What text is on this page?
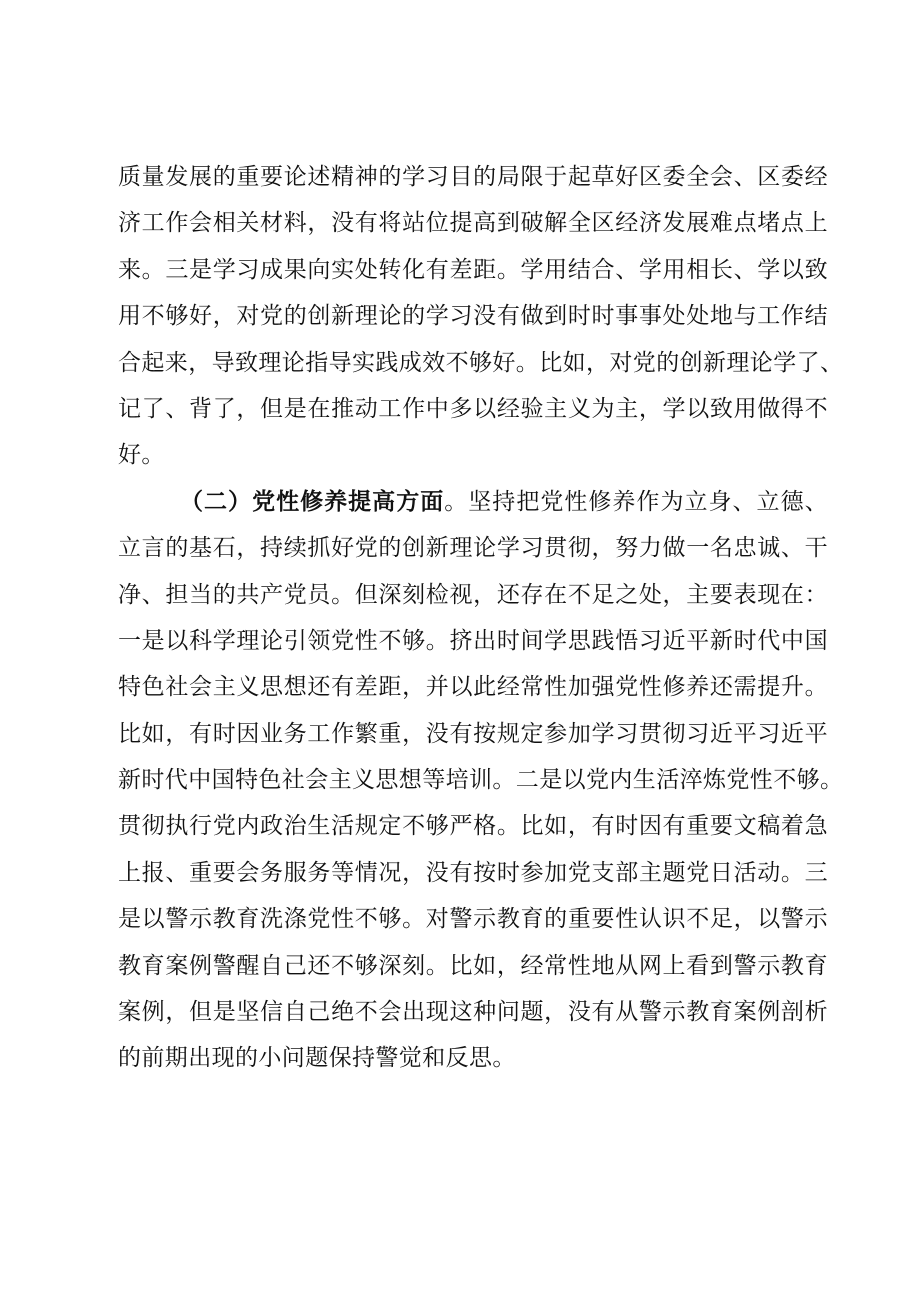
质量发展的重要论述精神的学习目的局限于起草好区委全会、区委经
济工作会相关材料，没有将站位提高到破解全区经济发展难点堵点上
来。三是学习成果向实处转化有差距。学用结合、学用相长、学以致
用不够好，对党的创新理论的学习没有做到时时事事处处地与工作结
合起来，导致理论指导实践成效不够好。比如，对党的创新理论学了、
记了、背了，但是在推动工作中多以经验主义为主，学以致用做得不
好。
（二）党性修养提高方面。坚持把党性修养作为立身、立德、
立言的基石，持续抓好党的创新理论学习贯彻，努力做一名忠诚、干
净、担当的共产党员。但深刻检视，还存在不足之处，主要表现在：
一是以科学理论引领党性不够。挤出时间学思践悟习近平新时代中国
特色社会主义思想还有差距，并以此经常性加强党性修养还需提升。
比如，有时因业务工作繁重，没有按规定参加学习贯彻习近平习近平
新时代中国特色社会主义思想等培训。二是以党内生活淬炼党性不够。
贯彻执行党内政治生活规定不够严格。比如，有时因有重要文稿着急
上报、重要会务服务等情况，没有按时参加党支部主题党日活动。三
是以警示教育洗涤党性不够。对警示教育的重要性认识不足，以警示
教育案例警醒自己还不够深刻。比如，经常性地从网上看到警示教育
案例，但是坚信自己绝不会出现这种问题，没有从警示教育案例剖析
的前期出现的小问题保持警觉和反思。
